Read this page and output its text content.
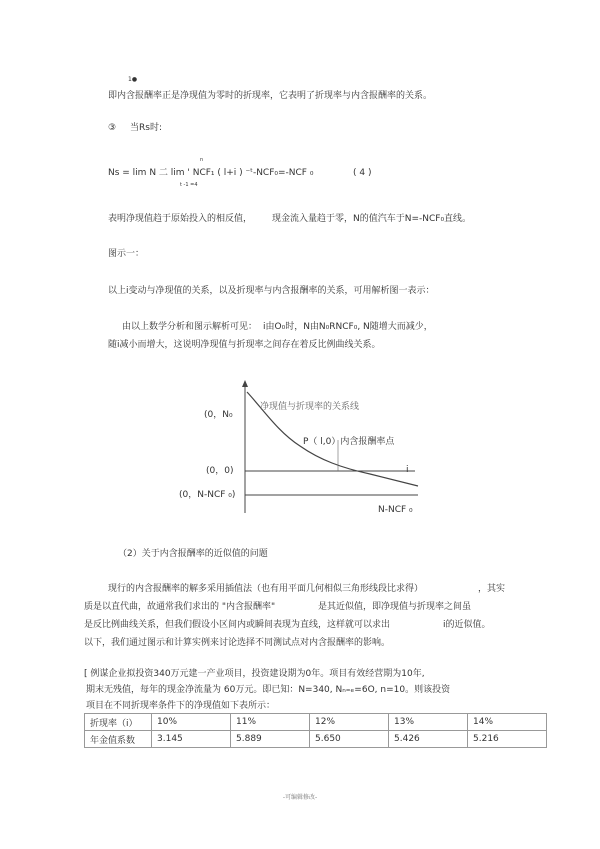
1●
即内含报酬率正是净现值为零时的折现率，它表明了折现率与内含报酬率的关系。
③ 当Rs时:
n
Ns = lim N 二 lim ' NCF₁ ( l+i ) ⁻ᵗ-NCF₀=-NCF ₀	( 4 )
⠀	t -1 =4
表明净现值趋于原始投入的相反值， 现金流入量趋于零，N的值汽车于N=-NCF₀直线。
图示一：
以上i变动与净现值的关系，以及折现率与内含报酬率的关系，可用解析图一表示：
由以上数学分析和图示解析可见： i由O₀时，N由N₀RNCF₀, N随增大而减少，
随i减小而增大，这说明净现值与折现率之间存在着反比例曲线关系。
净现值与折现率的关系线
P（ l,0）内含报酬率点
(0，N₀
(0，0)
(0，N-NCF ₀)
i
N-NCF ₀
（2）关于内含报酬率的近似值的问题
现行的内含报酬率的解多采用插值法（也有用平面几何相似三角形线段比求得）	，其实
质是以直代曲，故通常我们求出的 "内含报酬率"	是其近似值，即净现值与折现率之间虽
是反比例曲线关系，但我们假设小区间内或瞬间表现为直线，这样就可以求出	i的近似值。
以下，我们通过图示和计算实例来讨论选择不同测试点对内含报酬率的影响。
[ 例谋企业拟投资340万元建一产业项目，投资建设期为0年。项目有效经营期为10年,
期末无残值，每年的现金净流量为 60万元。即已知：N=340, Nₙ₌ₑ=6O, n=10。则该投资
项目在不同折现率条件下的净现值如下表所示：
折现率（i）	10%	11%	12%	13%	14%
年金值系数	3.145	5.889	5.650	5.426	5.216
-可编辑修改-
